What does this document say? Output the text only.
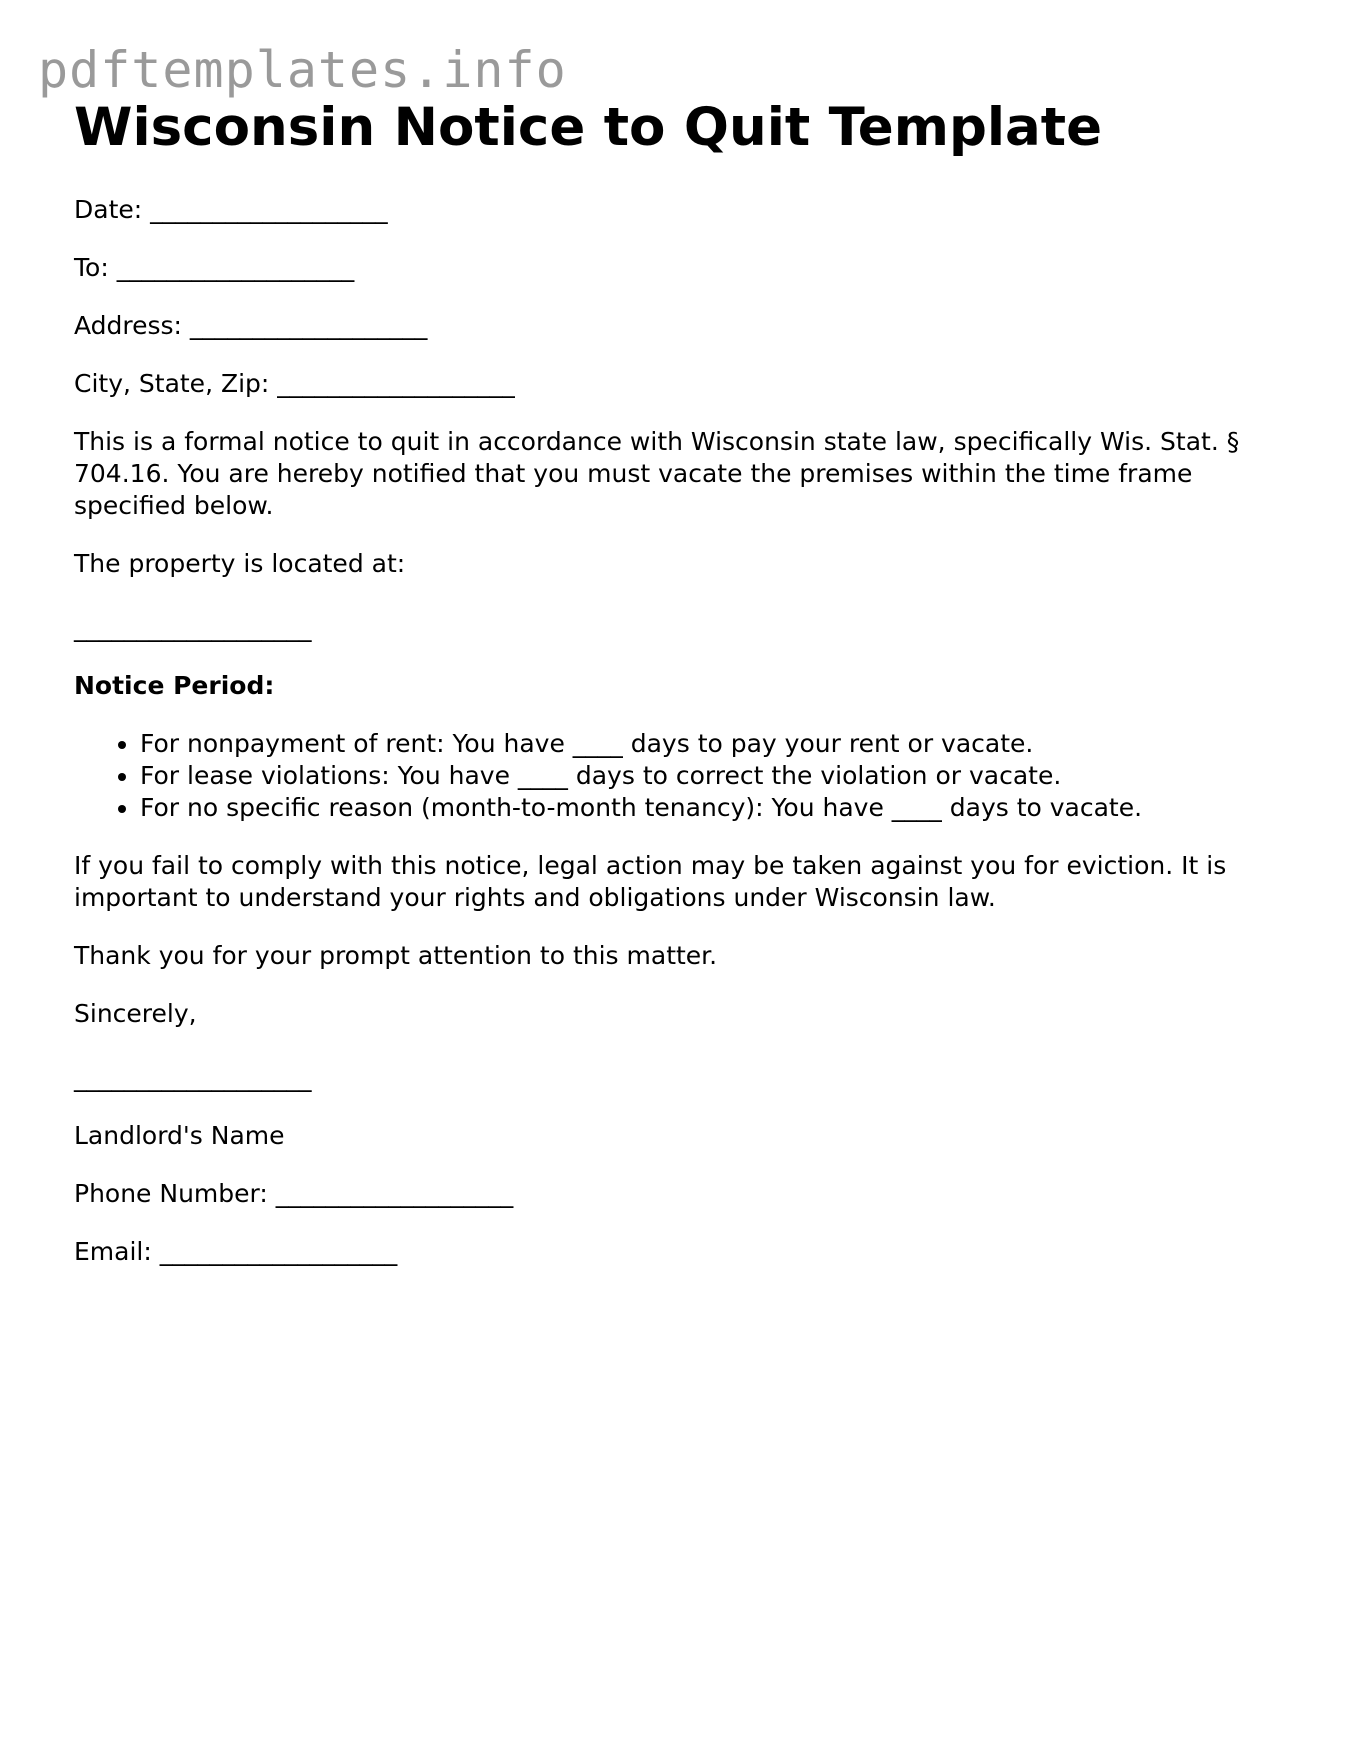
pdftemplates.info
Wisconsin Notice to Quit Template

Date: ___________________

To: ___________________

Address: ___________________

City, State, Zip: ___________________

This is a formal notice to quit in accordance with Wisconsin state law, specifically Wis. Stat. § 704.16. You are hereby notified that you must vacate the premises within the time frame specified below.

The property is located at:

___________________

Notice Period:

• For nonpayment of rent: You have ____ days to pay your rent or vacate.
• For lease violations: You have ____ days to correct the violation or vacate.
• For no specific reason (month-to-month tenancy): You have ____ days to vacate.

If you fail to comply with this notice, legal action may be taken against you for eviction. It is important to understand your rights and obligations under Wisconsin law.

Thank you for your prompt attention to this matter.

Sincerely,

___________________

Landlord's Name

Phone Number: ___________________

Email: ___________________
